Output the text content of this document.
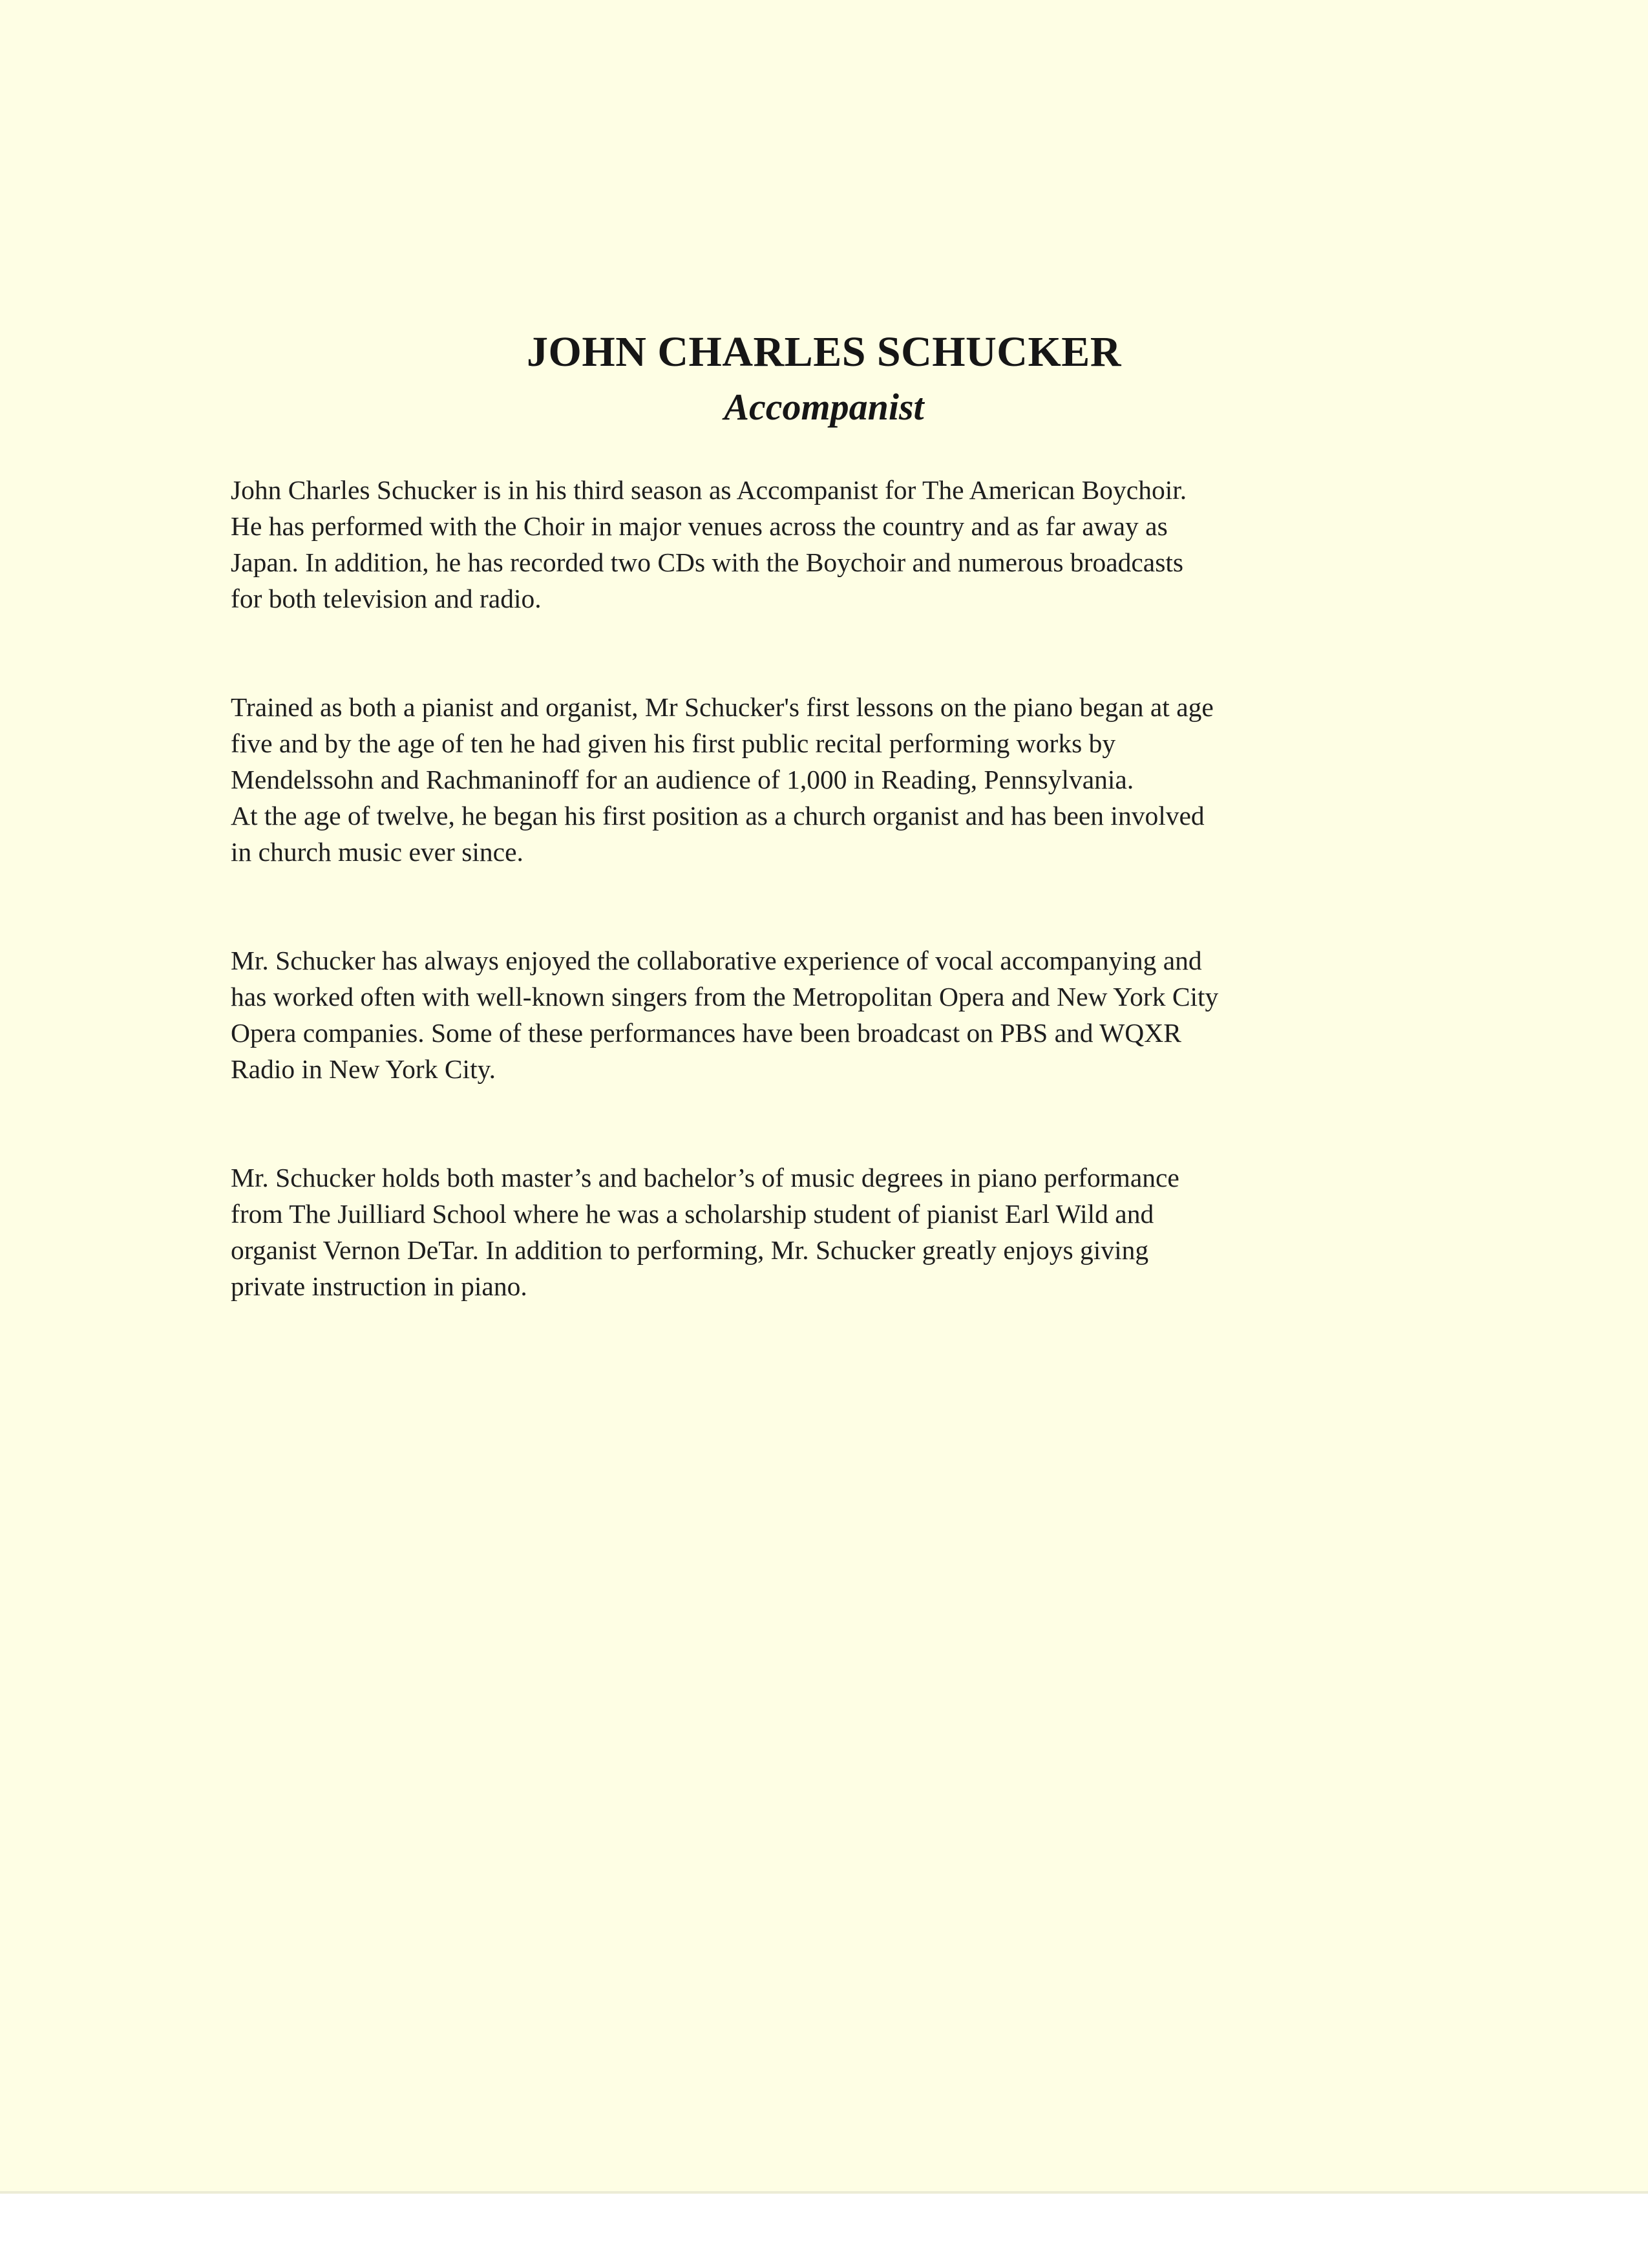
JOHN CHARLES SCHUCKER
Accompanist

John Charles Schucker is in his third season as Accompanist for The American Boychoir.
He has performed with the Choir in major venues across the country and as far away as
Japan. In addition, he has recorded two CDs with the Boychoir and numerous broadcasts
for both television and radio.

Trained as both a pianist and organist, Mr Schucker's first lessons on the piano began at age
five and by the age of ten he had given his first public recital performing works by
Mendelssohn and Rachmaninoff for an audience of 1,000 in Reading, Pennsylvania.
At the age of twelve, he began his first position as a church organist and has been involved
in church music ever since.

Mr. Schucker has always enjoyed the collaborative experience of vocal accompanying and
has worked often with well-known singers from the Metropolitan Opera and New York City
Opera companies. Some of these performances have been broadcast on PBS and WQXR
Radio in New York City.

Mr. Schucker holds both master’s and bachelor’s of music degrees in piano performance
from The Juilliard School where he was a scholarship student of pianist Earl Wild and
organist Vernon DeTar. In addition to performing, Mr. Schucker greatly enjoys giving
private instruction in piano.
